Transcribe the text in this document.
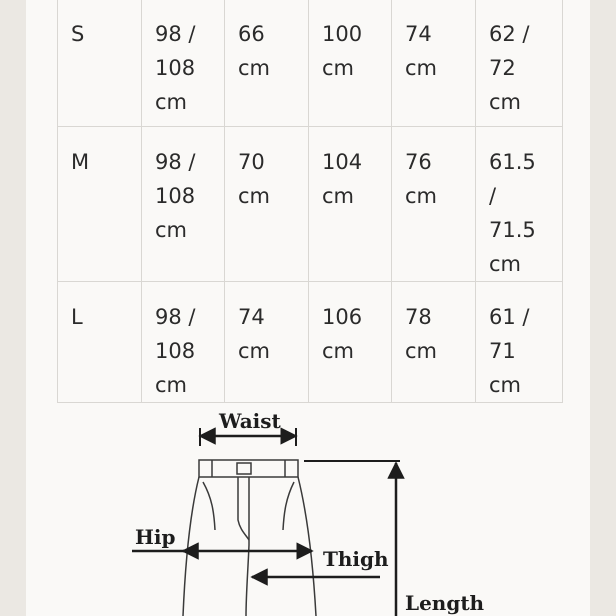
S	98 / 108 cm	66 cm	100 cm	74 cm	62 / 72 cm
M	98 / 108 cm	70 cm	104 cm	76 cm	61.5 / 71.5 cm
L	98 / 108 cm	74 cm	106 cm	78 cm	61 / 71 cm
Waist
Hip
Thigh
Length
